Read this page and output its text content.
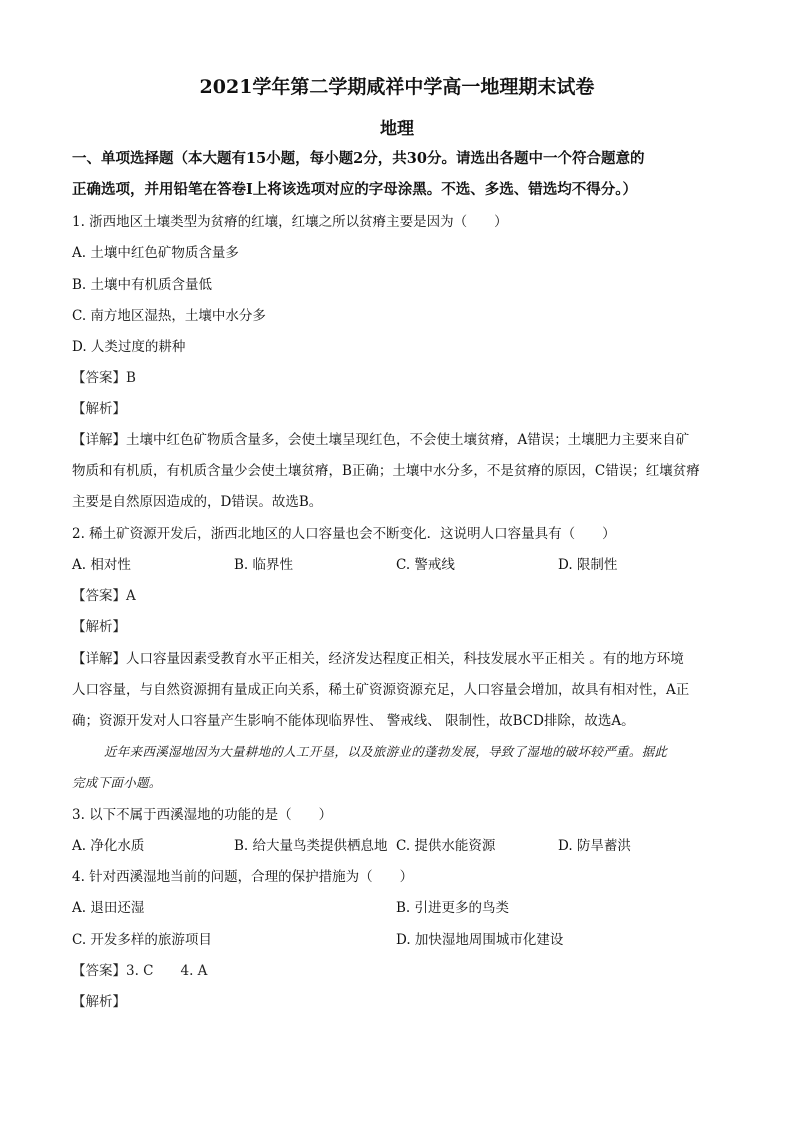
2021学年第二学期咸祥中学高一地理期末试卷
地理
一、单项选择题（本大题有15小题，每小题2分，共30分。请选出各题中一个符合题意的
正确选项，并用铅笔在答卷Ⅰ上将该选项对应的字母涂黑。不选、多选、错选均不得分。）
1. 浙西地区土壤类型为贫瘠的红壤，红壤之所以贫瘠主要是因为（　　）
A. 土壤中红色矿物质含量多
B. 土壤中有机质含量低
C. 南方地区湿热，土壤中水分多
D. 人类过度的耕种
【答案】B
【解析】
【详解】土壤中红色矿物质含量多，会使土壤呈现红色，不会使土壤贫瘠，A错误；土壤肥力主要来自矿
物质和有机质，有机质含量少会使土壤贫瘠，B正确；土壤中水分多，不是贫瘠的原因，C错误；红壤贫瘠
主要是自然原因造成的，D错误。故选B。
2. 稀土矿资源开发后，浙西北地区的人口容量也会不断变化．这说明人口容量具有（　　）
A. 相对性	B. 临界性	C. 警戒线	D. 限制性
【答案】A
【解析】
【详解】人口容量因素受教育水平正相关，经济发达程度正相关，科技发展水平正相关 。有的地方环境
人口容量，与自然资源拥有量成正向关系，稀土矿资源资源充足，人口容量会增加，故具有相对性，A正
确；资源开发对人口容量产生影响不能体现临界性、 警戒线、 限制性，故BCD排除，故选A。
近年来西溪湿地因为大量耕地的人工开垦，以及旅游业的蓬勃发展，导致了湿地的破坏较严重。据此
完成下面小题。
3. 以下不属于西溪湿地的功能的是（　　）
A. 净化水质	B. 给大量鸟类提供栖息地 C. 提供水能资源	D. 防旱蓄洪
4. 针对西溪湿地当前的问题，合理的保护措施为（　　）
A. 退田还湿	B. 引进更多的鸟类
C. 开发多样的旅游项目	D. 加快湿地周围城市化建设
【答案】3. C　　4. A
【解析】
